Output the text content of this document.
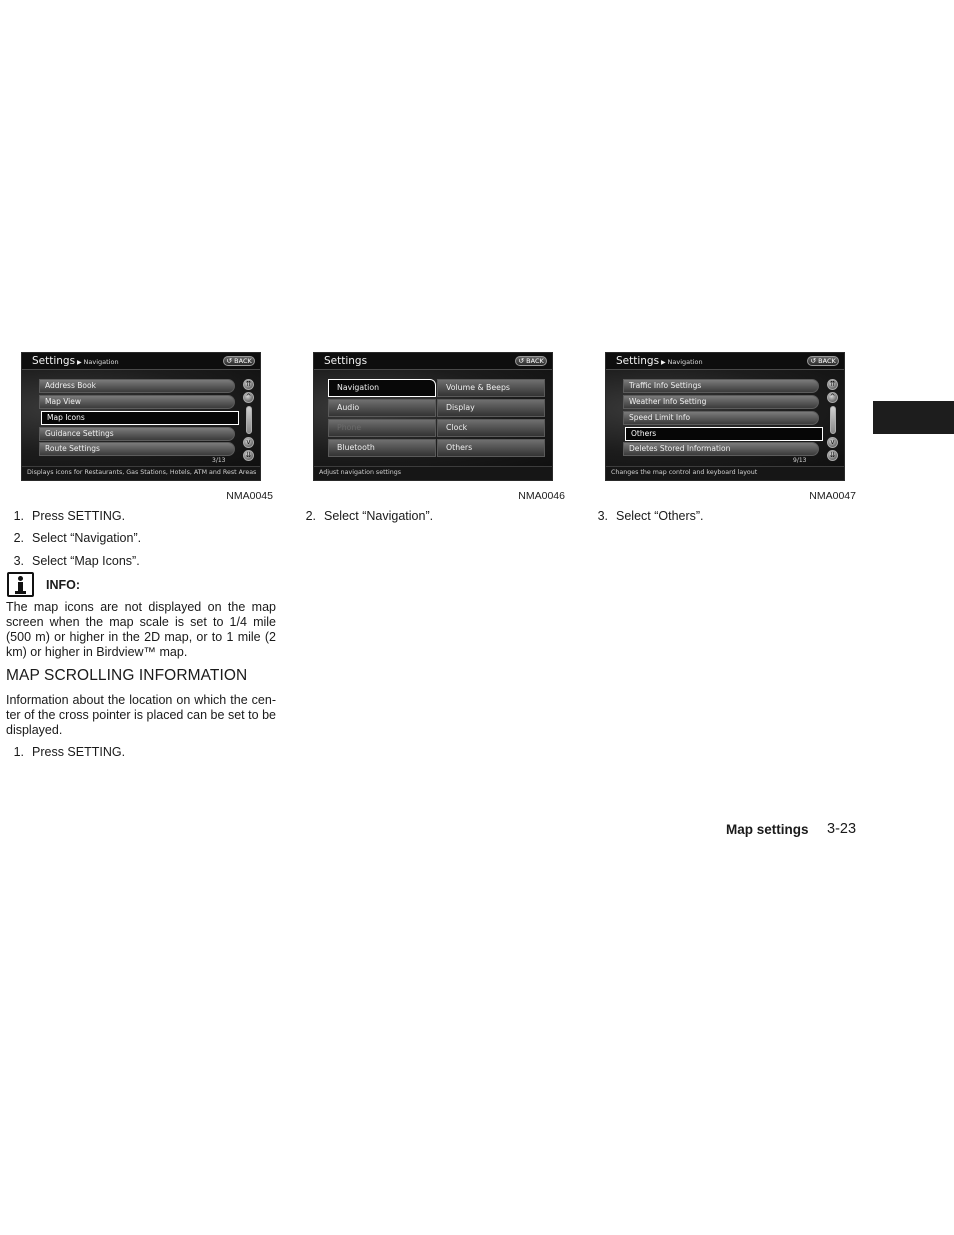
Settings ▶ Navigation	↺ BACK
Address Book
Map View
Map Icons
Guidance Settings
Route Settings
⇈
^
v
⇊
3/13
Displays icons for Restaurants, Gas Stations, Hotels, ATM and Rest Areas
NMA0045
Settings	↺ BACK
Navigation
Audio
Phone
Bluetooth
Volume & Beeps
Display
Clock
Others
Adjust navigation settings
NMA0046
Settings ▶ Navigation	↺ BACK
Traffic Info Settings
Weather Info Setting
Speed Limit Info
Others
Deletes Stored Information
⇈
^
v
⇊
9/13
Changes the map control and keyboard layout
NMA0047
1. Press SETTING.
2. Select “Navigation”.
3. Select “Map Icons”.
INFO:
The map icons are not displayed on the map screen when the map scale is set to 1/4 mile (500 m) or higher in the 2D map, or to 1 mile (2 km) or higher in Birdview™ map.
MAP SCROLLING INFORMATION
Information about the location on which the cen-ter of the cross pointer is placed can be set to be displayed.
1. Press SETTING.
2. Select “Navigation”.	3. Select “Others”.
Map settings 3-23
